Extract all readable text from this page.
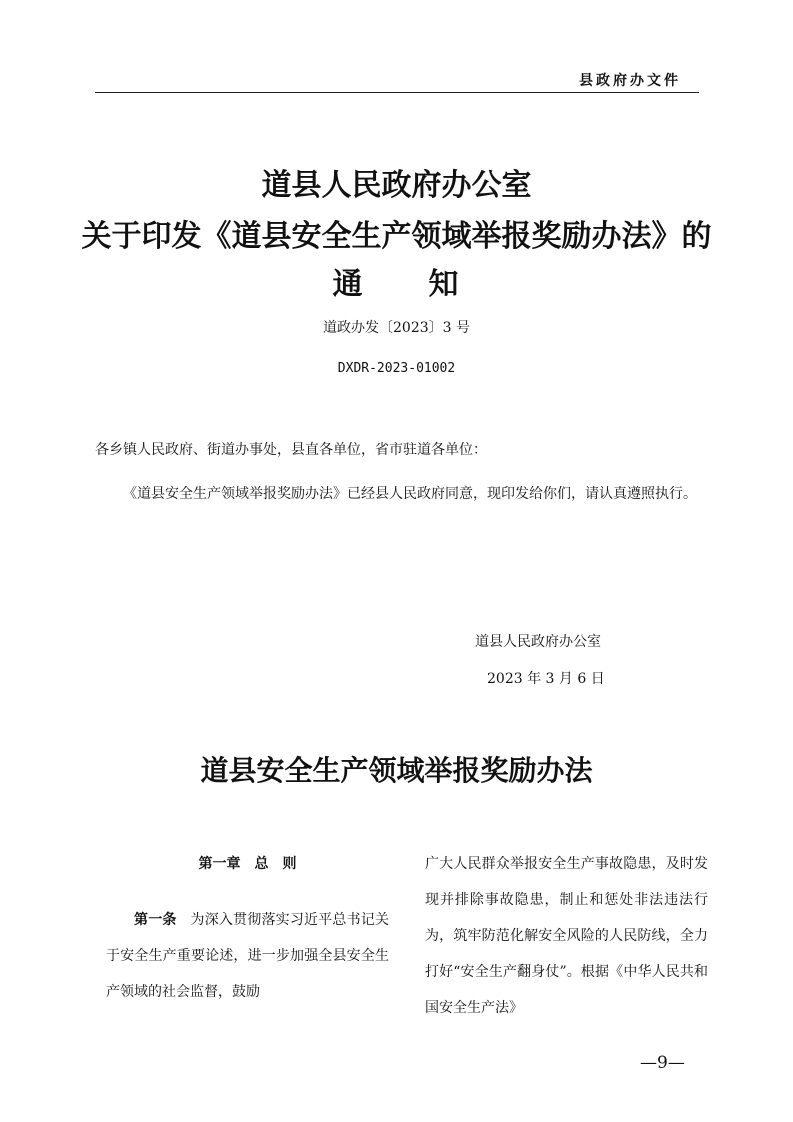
县政府办文件
道县人民政府办公室
关于印发《道县安全生产领域举报奖励办法》的
通 知
道政办发〔2023〕3 号
DXDR-2023-01002
各乡镇人民政府、街道办事处，县直各单位，省市驻道各单位：
《道县安全生产领域举报奖励办法》已经县人民政府同意，现印发给你们，请认真遵照执行。
道县人民政府办公室
2023 年 3 月 6 日
道县安全生产领域举报奖励办法
第一章 总 则
第一条 为深入贯彻落实习近平总书记关于安全生产重要论述，进一步加强全县安全生产领域的社会监督，鼓励
广大人民群众举报安全生产事故隐患，及时发现并排除事故隐患，制止和惩处非法违法行为，筑牢防范化解安全风险的人民防线，全力打好“安全生产翻身仗”。根据《中华人民共和国安全生产法》
—9—
